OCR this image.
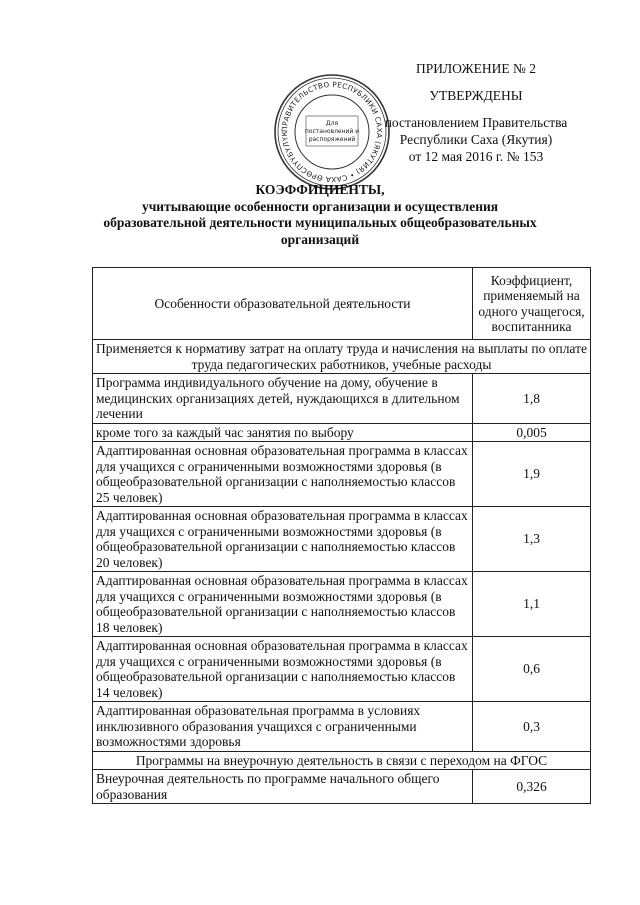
ПРАВИТЕЛЬСТВО РЕСПУБЛИКИ САХА (ЯКУТИЯ) • САХА ӨРӨСПҮҮБҮЛҮК
Для
постановлений и
распоряжений
ПРИЛОЖЕНИЕ № 2
УТВЕРЖДЕНЫ
постановлением Правительства
Республики Саха (Якутия)
от 12 мая 2016 г. № 153
КОЭФФИЦИЕНТЫ,
учитывающие особенности организации и осуществления
образовательной деятельности муниципальных общеобразовательных
организаций
Особенности образовательной деятельности	Коэффициент, применяемый на одного учащегося, воспитанника
Применяется к нормативу затрат на оплату труда и начисления на выплаты по оплате труда педагогических работников, учебные расходы	
Программа индивидуального обучение на дому, обучение в медицинских организациях детей, нуждающихся в длительном лечении	1,8
кроме того за каждый час занятия по выбору	0,005
Адаптированная основная образовательная программа в классах для учащихся с ограниченными возможностями здоровья (в общеобразовательной организации с наполняемостью классов 25 человек)	1,9
Адаптированная основная образовательная программа в классах для учащихся с ограниченными возможностями здоровья (в общеобразовательной организации с наполняемостью классов 20 человек)	1,3
Адаптированная основная образовательная программа в классах для учащихся с ограниченными возможностями здоровья (в общеобразовательной организации с наполняемостью классов 18 человек)	1,1
Адаптированная основная образовательная программа в классах для учащихся с ограниченными возможностями здоровья (в общеобразовательной организации с наполняемостью классов 14 человек)	0,6
Адаптированная образовательная программа в условиях инклюзивного образования учащихся с ограниченными возможностями здоровья	0,3
Программы на внеурочную деятельность в связи с переходом на ФГОС	
Внеурочная деятельность по программе начального общего образования	0,326
